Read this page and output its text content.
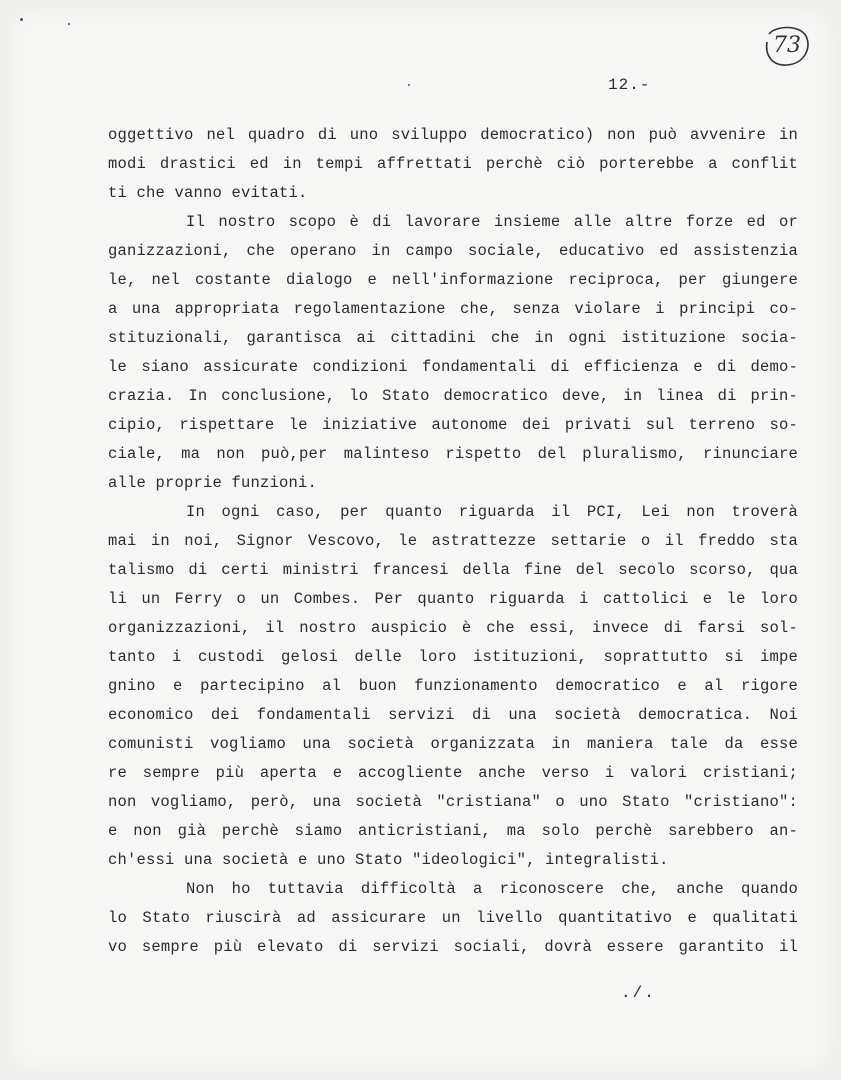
73
12.-
oggettivo nel quadro di uno sviluppo democratico) non può avvenire in
modi drastici ed in tempi affrettati perchè ciò porterebbe a conflit
ti che vanno evitati.
Il nostro scopo è di lavorare insieme alle altre forze ed or
ganizzazioni, che operano in campo sociale, educativo ed assistenzia
le, nel costante dialogo e nell'informazione reciproca, per giungere
a una appropriata regolamentazione che, senza violare i principi co-
stituzionali, garantisca ai cittadini che in ogni istituzione socia-
le siano assicurate condizioni fondamentali di efficienza e di demo-
crazia. In conclusione, lo Stato democratico deve, in linea di prin-
cipio, rispettare le iniziative autonome dei privati sul terreno so-
ciale, ma non può,per malinteso rispetto del pluralismo, rinunciare
alle proprie funzioni.
In ogni caso, per quanto riguarda il PCI, Lei non troverà
mai in noi, Signor Vescovo, le astrattezze settarie o il freddo sta
talismo di certi ministri francesi della fine del secolo scorso, qua
li un Ferry o un Combes. Per quanto riguarda i cattolici e le loro
organizzazioni, il nostro auspicio è che essi, invece di farsi sol-
tanto i custodi gelosi delle loro istituzioni, soprattutto si impe
gnino e partecipino al buon funzionamento democratico e al rigore
economico dei fondamentali servizi di una società democratica. Noi
comunisti vogliamo una società organizzata in maniera tale da esse
re sempre più aperta e accogliente anche verso i valori cristiani;
non vogliamo, però, una società "cristiana" o uno Stato "cristiano":
e non già perchè siamo anticristiani, ma solo perchè sarebbero an-
ch'essi una società e uno Stato "ideologici", integralisti.
Non ho tuttavia difficoltà a riconoscere che, anche quando
lo Stato riuscirà ad assicurare un livello quantitativo e qualitati
vo sempre più elevato di servizi sociali, dovrà essere garantito il
./.
